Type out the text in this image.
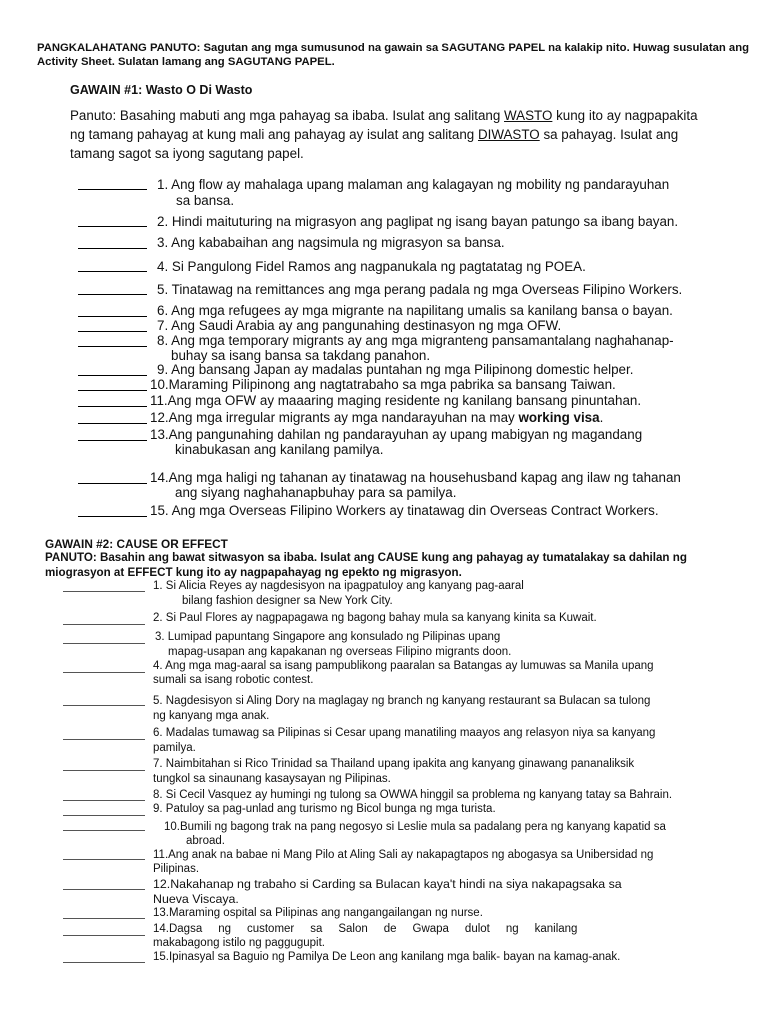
PANGKALAHATANG PANUTO: Sagutan ang mga sumusunod na gawain sa SAGUTANG PAPEL na kalakip nito. Huwag susulatan ang
Activity Sheet. Sulatan lamang ang SAGUTANG PAPEL.
GAWAIN #1: Wasto O Di Wasto
Panuto: Basahing mabuti ang mga pahayag sa ibaba. Isulat ang salitang WASTO kung ito ay nagpapakita
ng tamang pahayag at kung mali ang pahayag ay isulat ang salitang DIWASTO sa pahayag. Isulat ang
tamang sagot sa iyong sagutang papel.
1. Ang flow ay mahalaga upang malaman ang kalagayan ng mobility ng pandarayuhan
sa bansa.
2. Hindi maituturing na migrasyon ang paglipat ng isang bayan patungo sa ibang bayan.
3. Ang kababaihan ang nagsimula ng migrasyon sa bansa.
4. Si Pangulong Fidel Ramos ang nagpanukala ng pagtatatag ng POEA.
5. Tinatawag na remittances ang mga perang padala ng mga Overseas Filipino Workers.
6. Ang mga refugees ay mga migrante na napilitang umalis sa kanilang bansa o bayan.
7. Ang Saudi Arabia ay ang pangunahing destinasyon ng mga OFW.
8. Ang mga temporary migrants ay ang mga migranteng pansamantalang naghahanap-
buhay sa isang bansa sa takdang panahon.
9. Ang bansang Japan ay madalas puntahan ng mga Pilipinong domestic helper.
10.Maraming Pilipinong ang nagtatrabaho sa mga pabrika sa bansang Taiwan.
11.Ang mga OFW ay maaaring maging residente ng kanilang bansang pinuntahan.
12.Ang mga irregular migrants ay mga nandarayuhan na may working visa.
13.Ang pangunahing dahilan ng pandarayuhan ay upang mabigyan ng magandang
kinabukasan ang kanilang pamilya.
14.Ang mga haligi ng tahanan ay tinatawag na househusband kapag ang ilaw ng tahanan
ang siyang naghahanapbuhay para sa pamilya.
15. Ang mga Overseas Filipino Workers ay tinatawag din Overseas Contract Workers.
GAWAIN #2: CAUSE OR EFFECT
PANUTO: Basahin ang bawat sitwasyon sa ibaba. Isulat ang CAUSE kung ang pahayag ay tumatalakay sa dahilan ng
miograsyon at EFFECT kung ito ay nagpapahayag ng epekto ng migrasyon.
1. Si Alicia Reyes ay nagdesisyon na ipagpatuloy ang kanyang pag-aaral
bilang fashion designer sa New York City.
2. Si Paul Flores ay nagpapagawa ng bagong bahay mula sa kanyang kinita sa Kuwait.
3. Lumipad papuntang Singapore ang konsulado ng Pilipinas upang
mapag-usapan ang kapakanan ng overseas Filipino migrants doon.
4. Ang mga mag-aaral sa isang pampublikong paaralan sa Batangas ay lumuwas sa Manila upang
sumali sa isang robotic contest.
5. Nagdesisyon si Aling Dory na maglagay ng branch ng kanyang restaurant sa Bulacan sa tulong
ng kanyang mga anak.
6. Madalas tumawag sa Pilipinas si Cesar upang manatiling maayos ang relasyon niya sa kanyang
pamilya.
7. Naimbitahan si Rico Trinidad sa Thailand upang ipakita ang kanyang ginawang pananaliksik
tungkol sa sinaunang kasaysayan ng Pilipinas.
8. Si Cecil Vasquez ay humingi ng tulong sa OWWA hinggil sa problema ng kanyang tatay sa Bahrain.
9. Patuloy sa pag-unlad ang turismo ng Bicol bunga ng mga turista.
10.Bumili ng bagong trak na pang negosyo si Leslie mula sa padalang pera ng kanyang kapatid sa
abroad.
11.Ang anak na babae ni Mang Pilo at Aling Sali ay nakapagtapos ng abogasya sa Unibersidad ng
Pilipinas.
12.Nakahanap ng trabaho si Carding sa Bulacan kaya't hindi na siya nakapagsaka sa
Nueva Viscaya.
13.Maraming ospital sa Pilipinas ang nangangailangan ng nurse.
14.Dagsa     ng     customer     sa     Salon     de     Gwapa     dulot     ng     kanilang
makabagong istilo ng paggugupit.
15.Ipinasyal sa Baguio ng Pamilya De Leon ang kanilang mga balik- bayan na kamag-anak.
